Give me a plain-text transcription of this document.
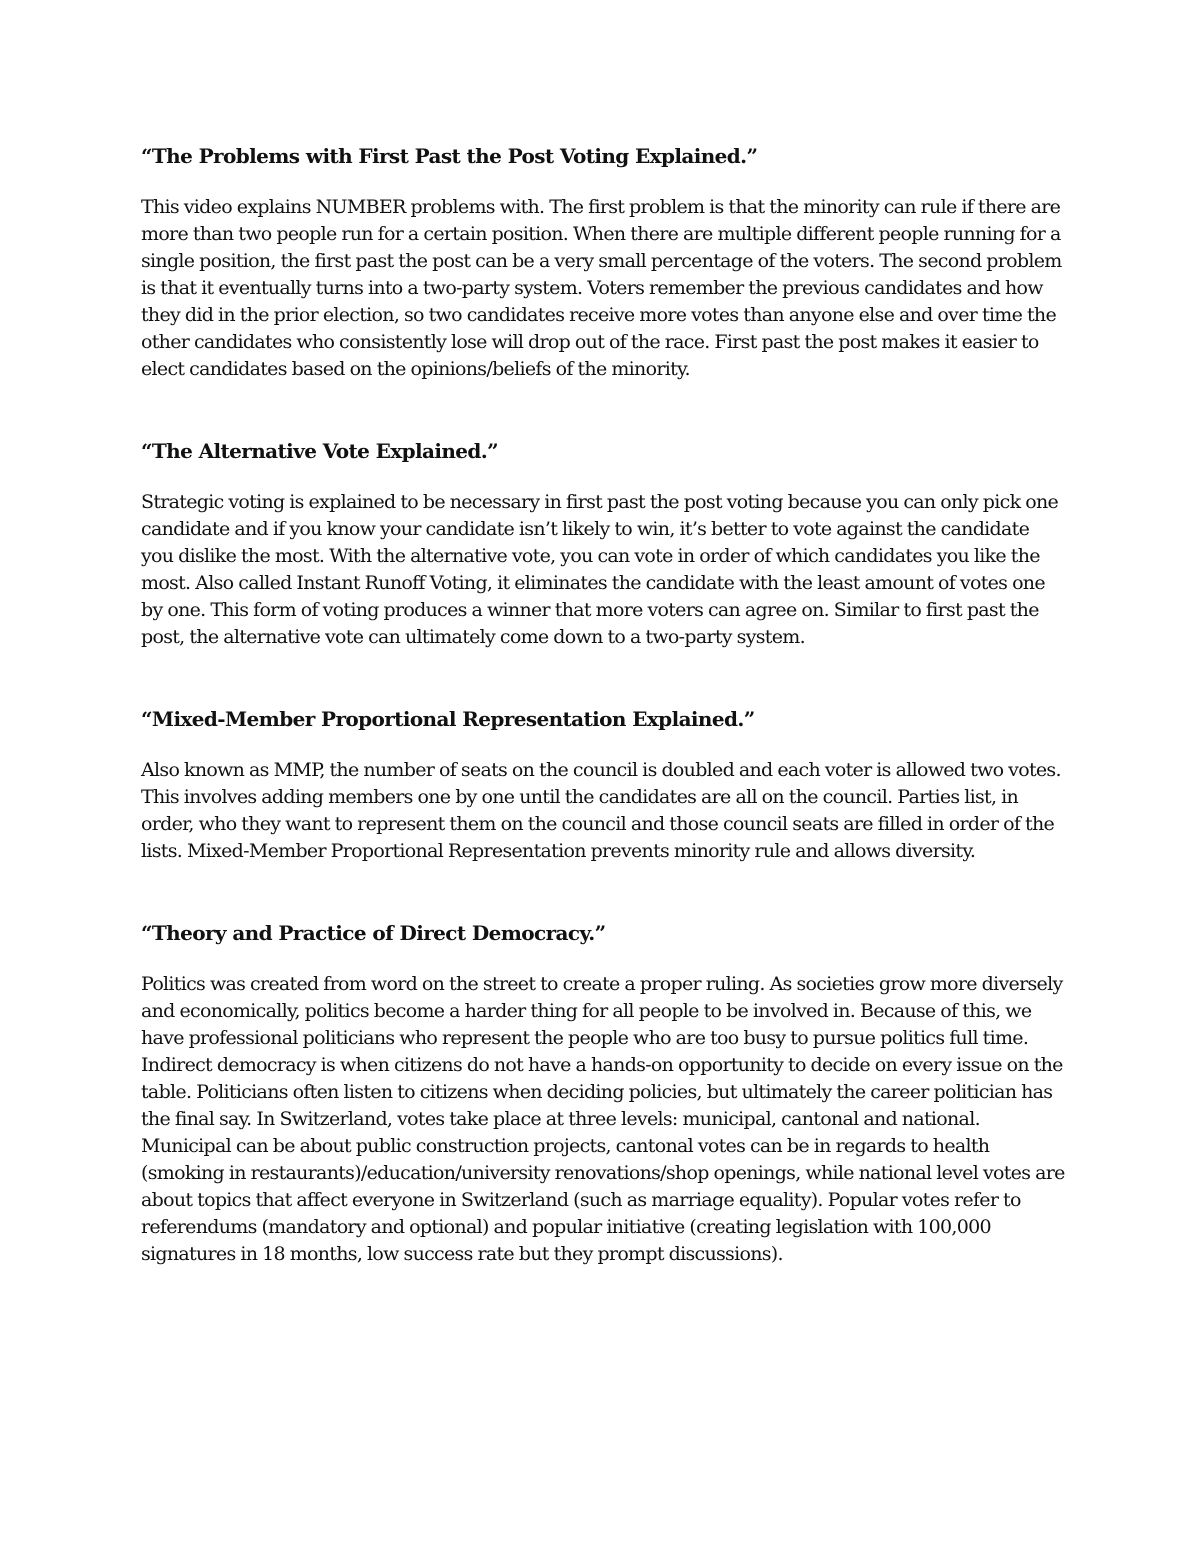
“The Problems with First Past the Post Voting Explained.”

This video explains NUMBER problems with. The first problem is that the minority can rule if there are more than two people run for a certain position. When there are multiple different people running for a single position, the first past the post can be a very small percentage of the voters. The second problem is that it eventually turns into a two-party system. Voters remember the previous candidates and how they did in the prior election, so two candidates receive more votes than anyone else and over time the other candidates who consistently lose will drop out of the race. First past the post makes it easier to elect candidates based on the opinions/beliefs of the minority.

“The Alternative Vote Explained.”

Strategic voting is explained to be necessary in first past the post voting because you can only pick one candidate and if you know your candidate isn’t likely to win, it’s better to vote against the candidate you dislike the most. With the alternative vote, you can vote in order of which candidates you like the most. Also called Instant Runoff Voting, it eliminates the candidate with the least amount of votes one by one. This form of voting produces a winner that more voters can agree on. Similar to first past the post, the alternative vote can ultimately come down to a two-party system.

“Mixed-Member Proportional Representation Explained.”

Also known as MMP, the number of seats on the council is doubled and each voter is allowed two votes. This involves adding members one by one until the candidates are all on the council. Parties list, in order, who they want to represent them on the council and those council seats are filled in order of the lists. Mixed-Member Proportional Representation prevents minority rule and allows diversity.

“Theory and Practice of Direct Democracy.”

Politics was created from word on the street to create a proper ruling. As societies grow more diversely and economically, politics become a harder thing for all people to be involved in. Because of this, we have professional politicians who represent the people who are too busy to pursue politics full time. Indirect democracy is when citizens do not have a hands-on opportunity to decide on every issue on the table. Politicians often listen to citizens when deciding policies, but ultimately the career politician has the final say. In Switzerland, votes take place at three levels: municipal, cantonal and national. Municipal can be about public construction projects, cantonal votes can be in regards to health (smoking in restaurants)/education/university renovations/shop openings, while national level votes are about topics that affect everyone in Switzerland (such as marriage equality). Popular votes refer to referendums (mandatory and optional) and popular initiative (creating legislation with 100,000 signatures in 18 months, low success rate but they prompt discussions).
